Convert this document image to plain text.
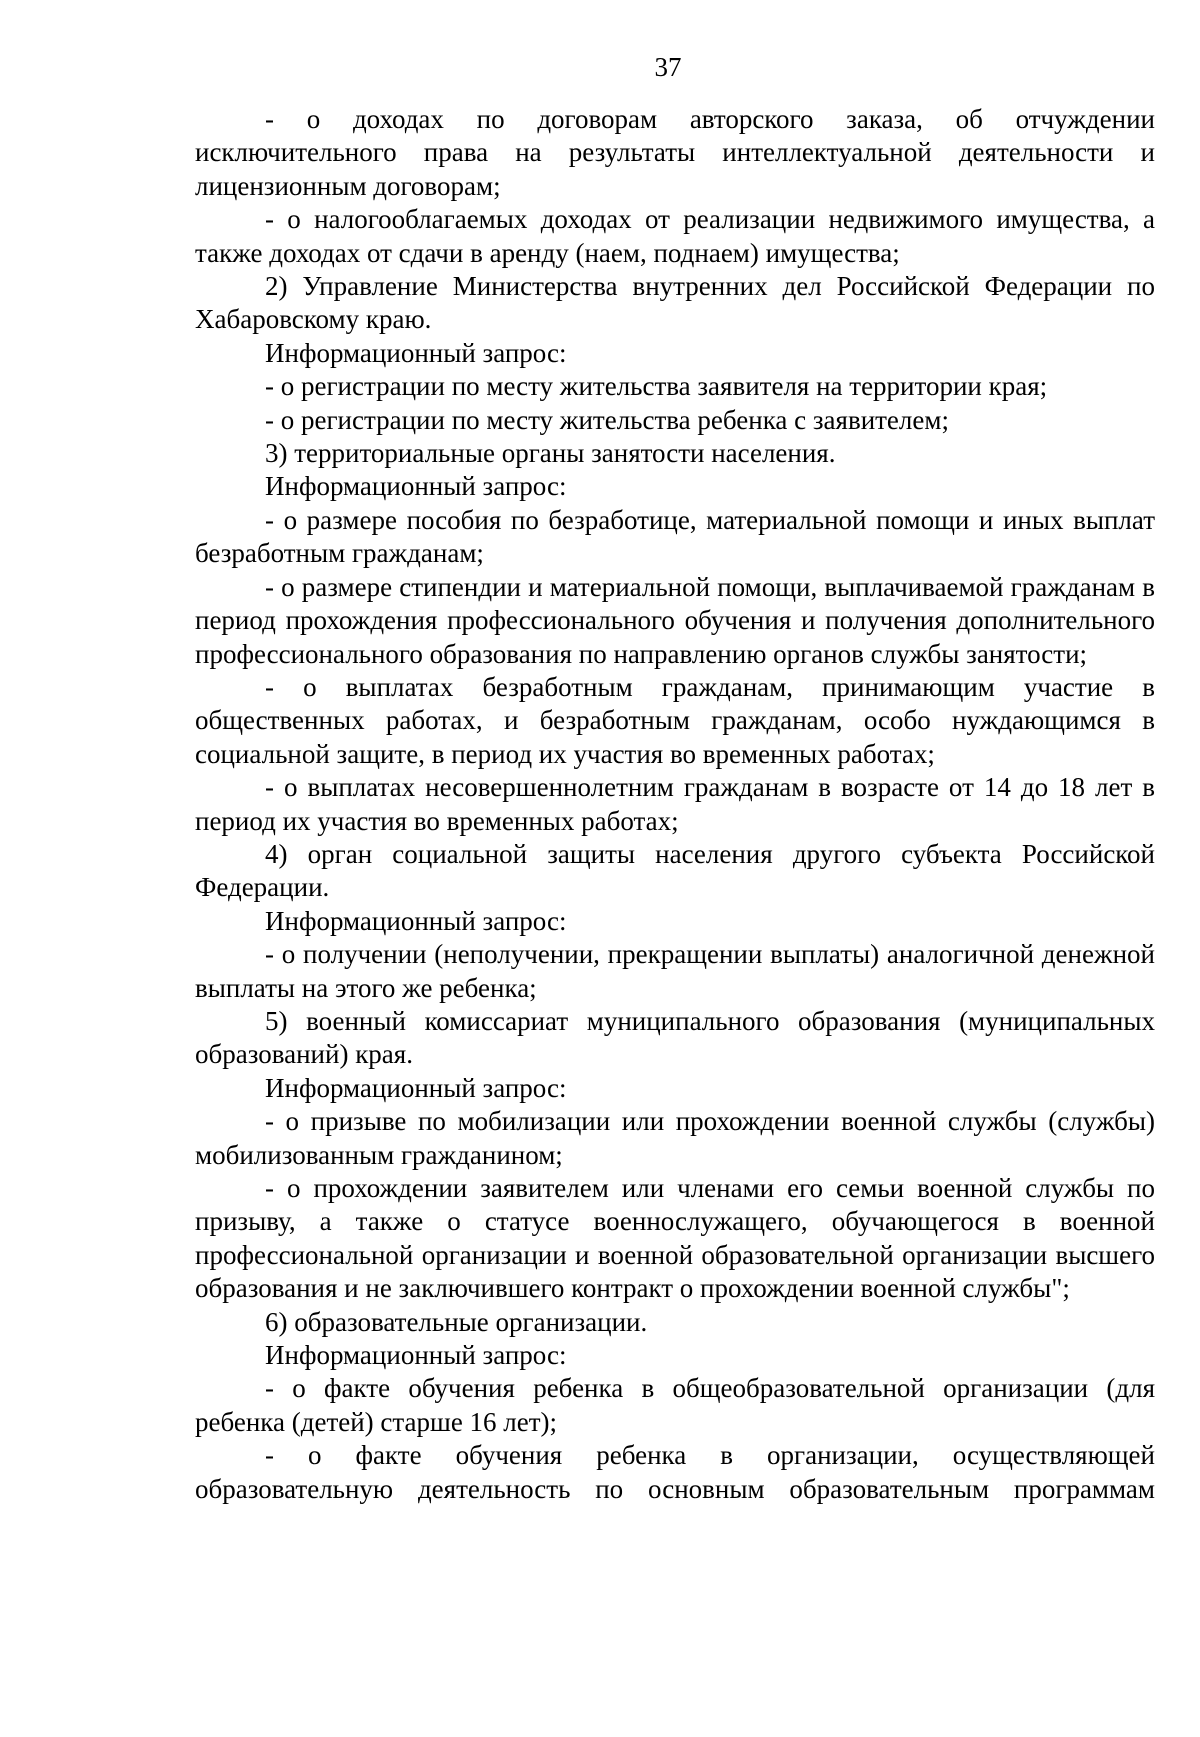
37

- о доходах по договорам авторского заказа, об отчуждении исключительного права на результаты интеллектуальной деятельности и лицензионным договорам;

- о налогооблагаемых доходах от реализации недвижимого имущества, а также доходах от сдачи в аренду (наем, поднаем) имущества;

2) Управление Министерства внутренних дел Российской Федерации по Хабаровскому краю.

Информационный запрос:

- о регистрации по месту жительства заявителя на территории края;

- о регистрации по месту жительства ребенка с заявителем;

3) территориальные органы занятости населения.

Информационный запрос:

- о размере пособия по безработице, материальной помощи и иных выплат безработным гражданам;

- о размере стипендии и материальной помощи, выплачиваемой гражданам в период прохождения профессионального обучения и получения дополнительного профессионального образования по направлению органов службы занятости;

- о выплатах безработным гражданам, принимающим участие в общественных работах, и безработным гражданам, особо нуждающимся в социальной защите, в период их участия во временных работах;

- о выплатах несовершеннолетним гражданам в возрасте от 14 до 18 лет в период их участия во временных работах;

4) орган социальной защиты населения другого субъекта Российской Федерации.

Информационный запрос:

- о получении (неполучении, прекращении выплаты) аналогичной денежной выплаты на этого же ребенка;

5) военный комиссариат муниципального образования (муниципальных образований) края.

Информационный запрос:

- о призыве по мобилизации или прохождении военной службы (службы) мобилизованным гражданином;

- о прохождении заявителем или членами его семьи военной службы по призыву, а также о статусе военнослужащего, обучающегося в военной профессиональной организации и военной образовательной организации высшего образования и не заключившего контракт о прохождении военной службы";

6) образовательные организации.

Информационный запрос:

- о факте обучения ребенка в общеобразовательной организации (для ребенка (детей) старше 16 лет);

- о факте обучения ребенка в организации, осуществляющей образовательную деятельность по основным образовательным программам
